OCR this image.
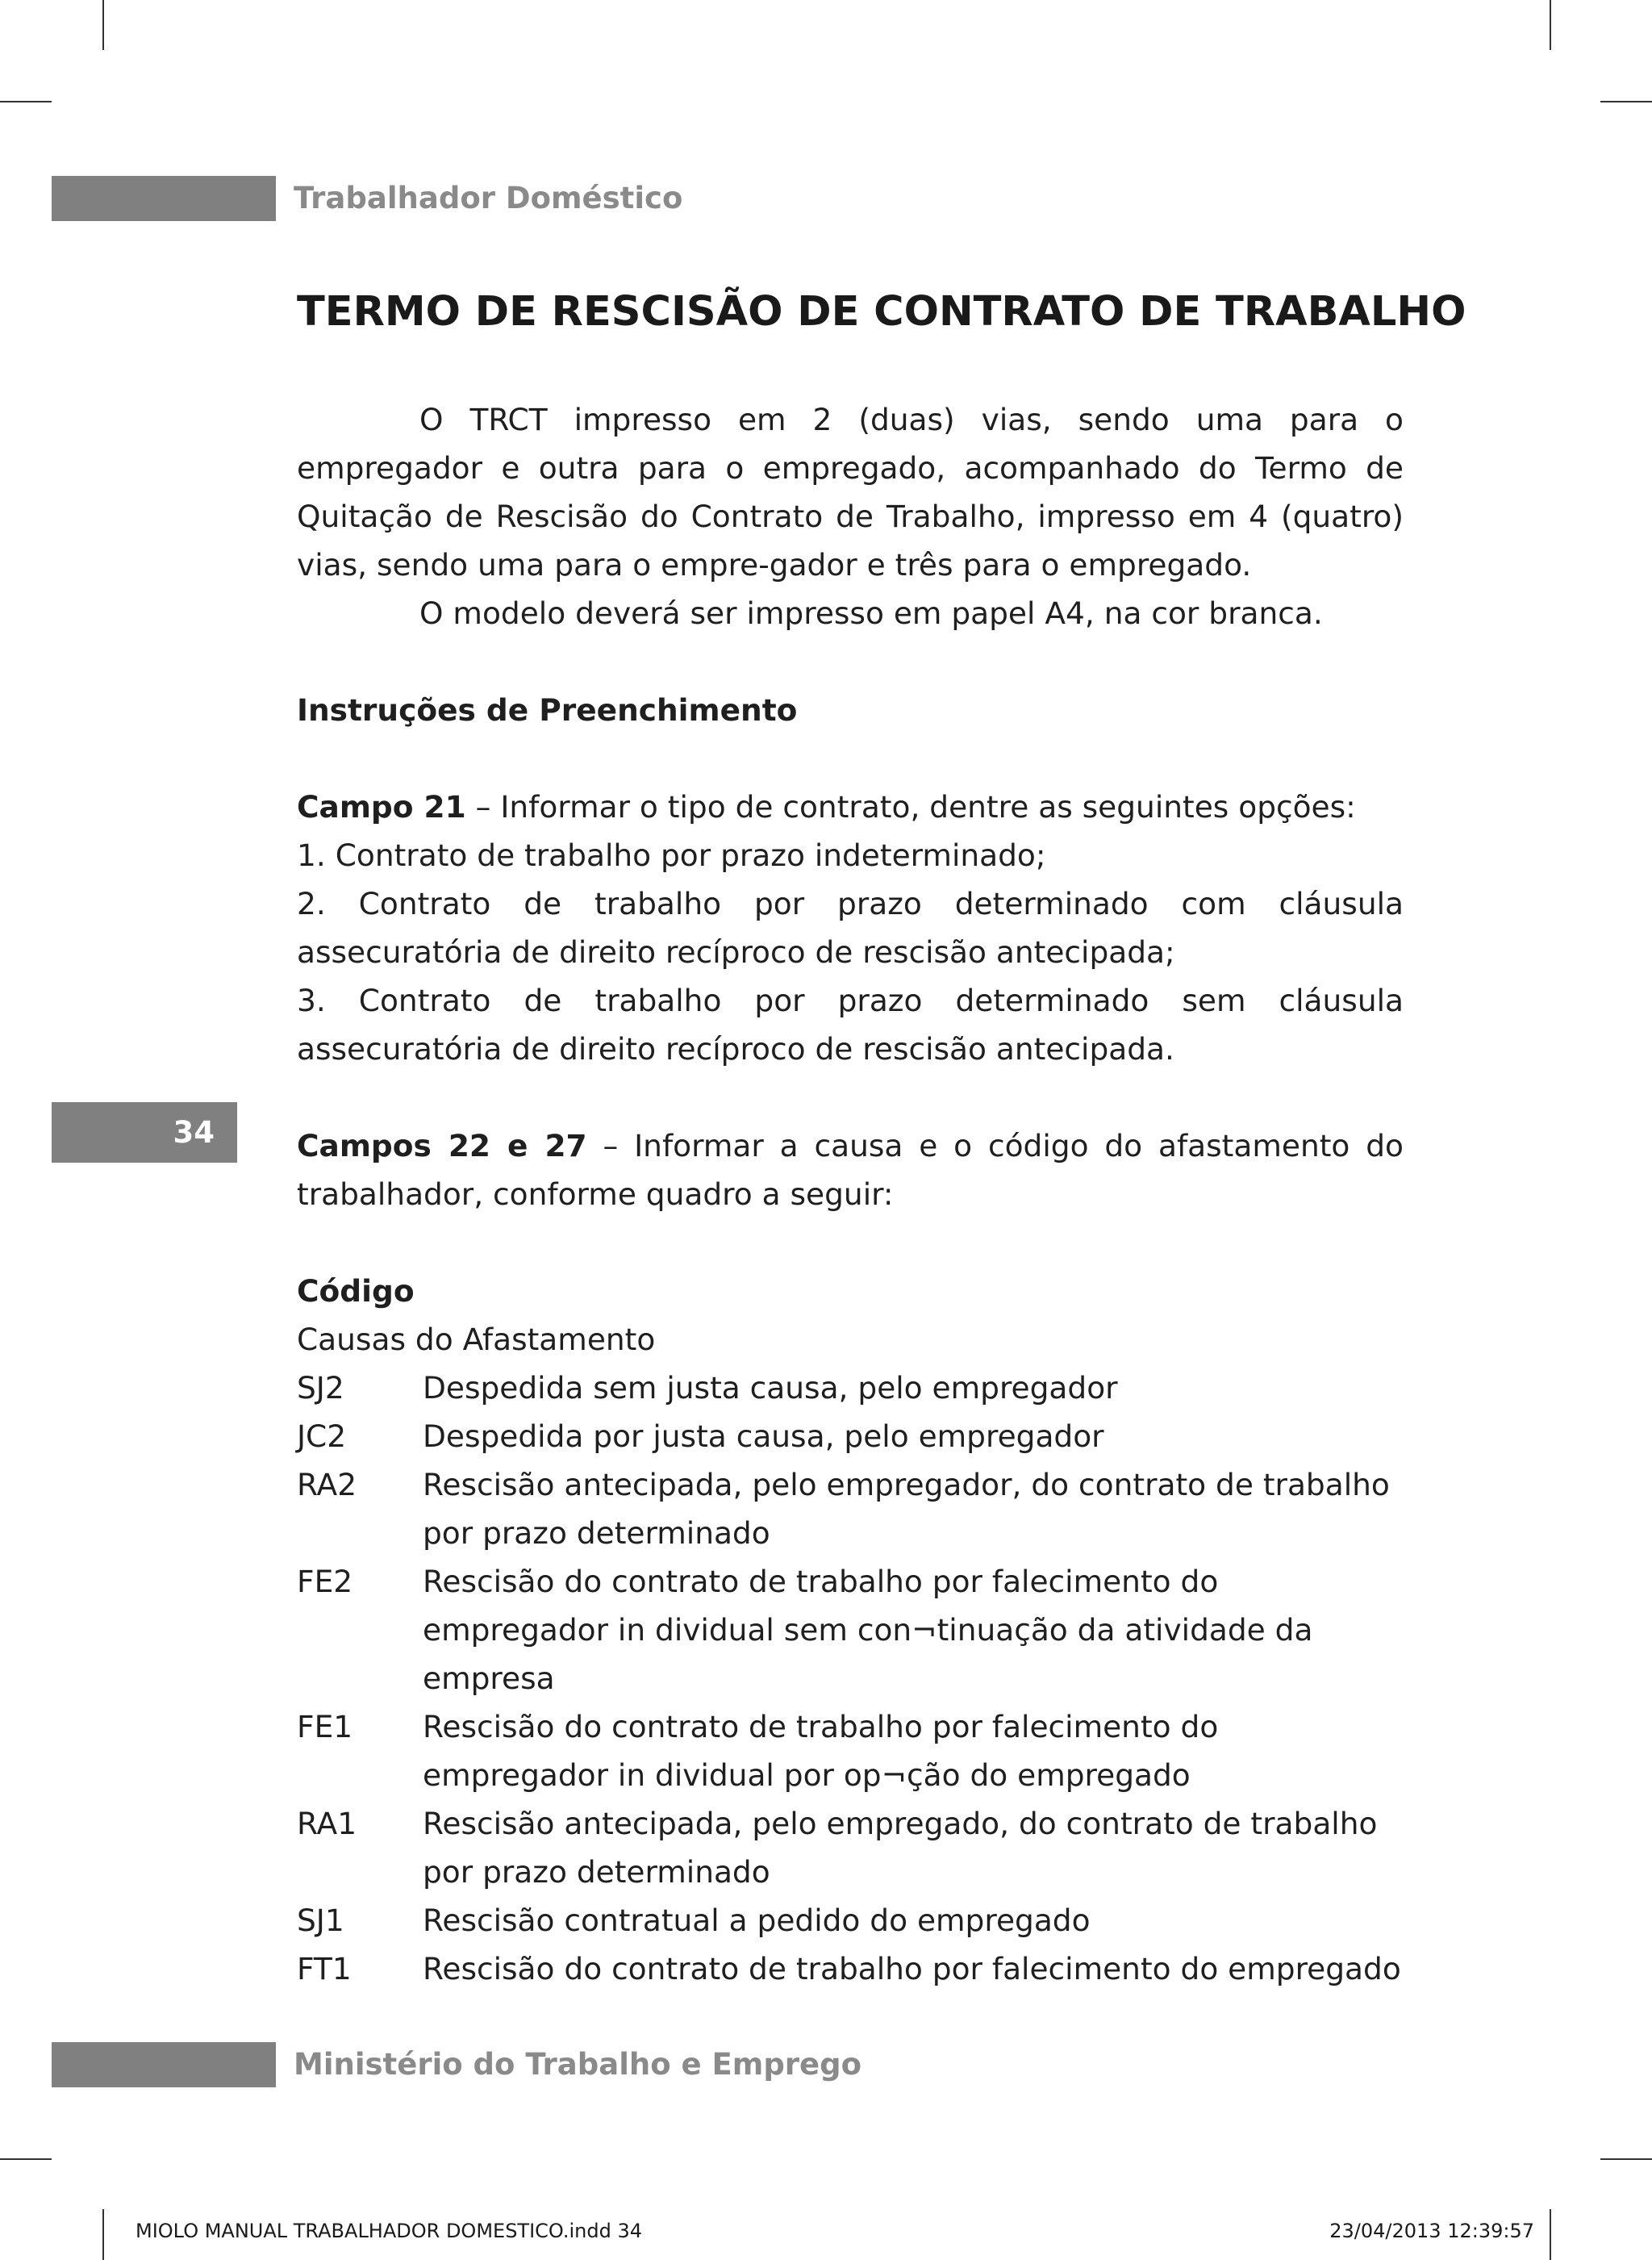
Trabalhador Doméstico
34
TERMO DE RESCISÃO DE CONTRATO DE TRABALHO

O TRCT impresso em 2 (duas) vias, sendo uma para o empregador e outra para o empregado, acompanhado do Termo de Quitação de Rescisão do Contrato de Trabalho, impresso em 4 (quatro) vias, sendo uma para o empre-gador e três para o empregado.

O modelo deverá ser impresso em papel A4, na cor branca.

Instruções de Preenchimento

Campo 21 – Informar o tipo de contrato, dentre as seguintes opções:

1. Contrato de trabalho por prazo indeterminado;

2. Contrato de trabalho por prazo determinado com cláusula assecuratória de direito recíproco de rescisão antecipada;

3. Contrato de trabalho por prazo determinado sem cláusula assecuratória de direito recíproco de rescisão antecipada.

Campos 22 e 27 – Informar a causa e o código do afastamento do trabalhador, conforme quadro a seguir:

Código

Causas do Afastamento

SJ2	Despedida sem justa causa, pelo empregador
JC2	Despedida por justa causa, pelo empregador
RA2	Rescisão antecipada, pelo empregador, do contrato de trabalho por prazo determinado
FE2	Rescisão do contrato de trabalho por falecimento do empregador in dividual sem con¬tinuação da atividade da empresa
FE1	Rescisão do contrato de trabalho por falecimento do empregador in dividual por op¬ção do empregado
RA1	Rescisão antecipada, pelo empregado, do contrato de trabalho por prazo determinado
SJ1	Rescisão contratual a pedido do empregado
FT1	Rescisão do contrato de trabalho por falecimento do empregado
Ministério do Trabalho e Emprego
MIOLO MANUAL TRABALHADOR DOMESTICO.indd 34	23/04/2013 12:39:57
